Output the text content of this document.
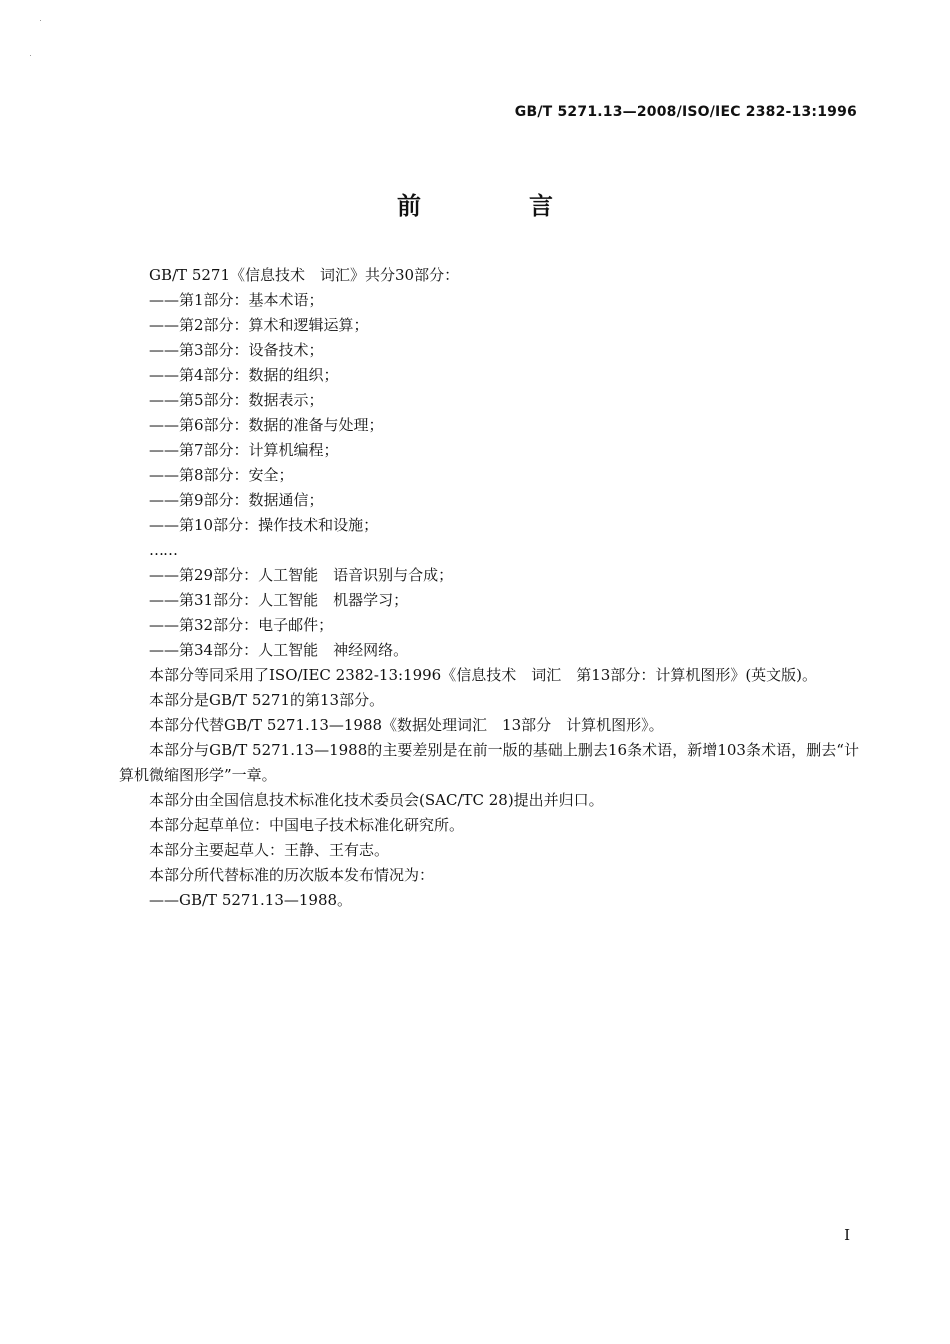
GB/T 5271.13—2008/ISO/IEC 2382-13:1996
前　言

GB/T 5271《信息技术　词汇》共分30部分：

——第1部分：基本术语；

——第2部分：算术和逻辑运算；

——第3部分：设备技术；

——第4部分：数据的组织；

——第5部分：数据表示；

——第6部分：数据的准备与处理；

——第7部分：计算机编程；

——第8部分：安全；

——第9部分：数据通信；

——第10部分：操作技术和设施；

……

——第29部分：人工智能　语音识别与合成；

——第31部分：人工智能　机器学习；

——第32部分：电子邮件；

——第34部分：人工智能　神经网络。

本部分等同采用了ISO/IEC 2382-13:1996《信息技术　词汇　第13部分：计算机图形》(英文版)。

本部分是GB/T 5271的第13部分。

本部分代替GB/T 5271.13—1988《数据处理词汇　13部分　计算机图形》。

本部分与GB/T 5271.13—1988的主要差别是在前一版的基础上删去16条术语，新增103条术语，删去“计算机微缩图形学”一章。

本部分由全国信息技术标准化技术委员会(SAC/TC 28)提出并归口。

本部分起草单位：中国电子技术标准化研究所。

本部分主要起草人：王静、王有志。

本部分所代替标准的历次版本发布情况为：

——GB/T 5271.13—1988。

I
